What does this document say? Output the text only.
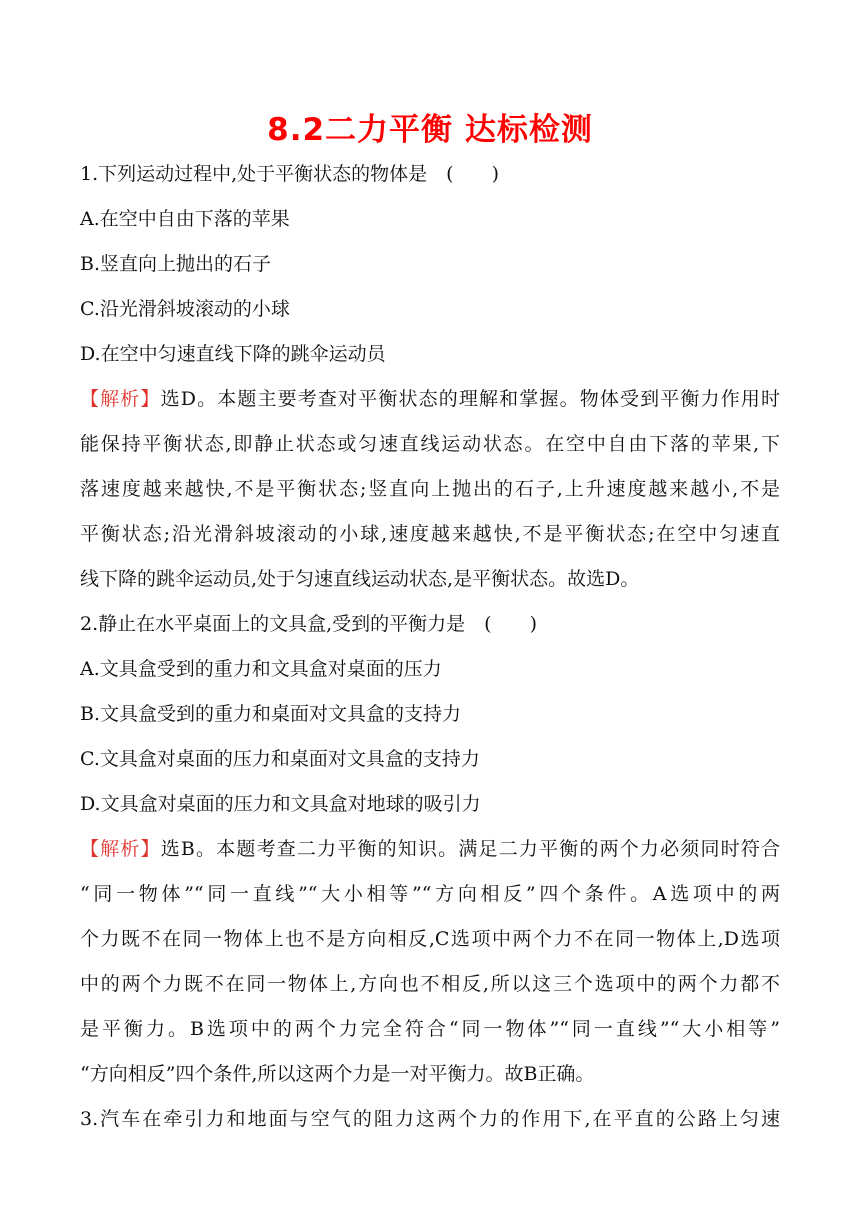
8.2二力平衡 达标检测
1.下列运动过程中,处于平衡状态的物体是　(　　)
A.在空中自由下落的苹果
B.竖直向上抛出的石子
C.沿光滑斜坡滚动的小球
D.在空中匀速直线下降的跳伞运动员
【解析】选D。本题主要考查对平衡状态的理解和掌握。物体受到平衡力作用时
能保持平衡状态,即静止状态或匀速直线运动状态。在空中自由下落的苹果,下
落速度越来越快,不是平衡状态;竖直向上抛出的石子,上升速度越来越小,不是
平衡状态;沿光滑斜坡滚动的小球,速度越来越快,不是平衡状态;在空中匀速直
线下降的跳伞运动员,处于匀速直线运动状态,是平衡状态。故选D。
2.静止在水平桌面上的文具盒,受到的平衡力是　(　　)
A.文具盒受到的重力和文具盒对桌面的压力
B.文具盒受到的重力和桌面对文具盒的支持力
C.文具盒对桌面的压力和桌面对文具盒的支持力
D.文具盒对桌面的压力和文具盒对地球的吸引力
【解析】选B。本题考查二力平衡的知识。满足二力平衡的两个力必须同时符合
“同一物体”“同一直线”“大小相等”“方向相反”四个条件。A选项中的两
个力既不在同一物体上也不是方向相反,C选项中两个力不在同一物体上,D选项
中的两个力既不在同一物体上,方向也不相反,所以这三个选项中的两个力都不
是平衡力。B选项中的两个力完全符合“同一物体”“同一直线”“大小相等”
“方向相反”四个条件,所以这两个力是一对平衡力。故B正确。
3.汽车在牵引力和地面与空气的阻力这两个力的作用下,在平直的公路上匀速
